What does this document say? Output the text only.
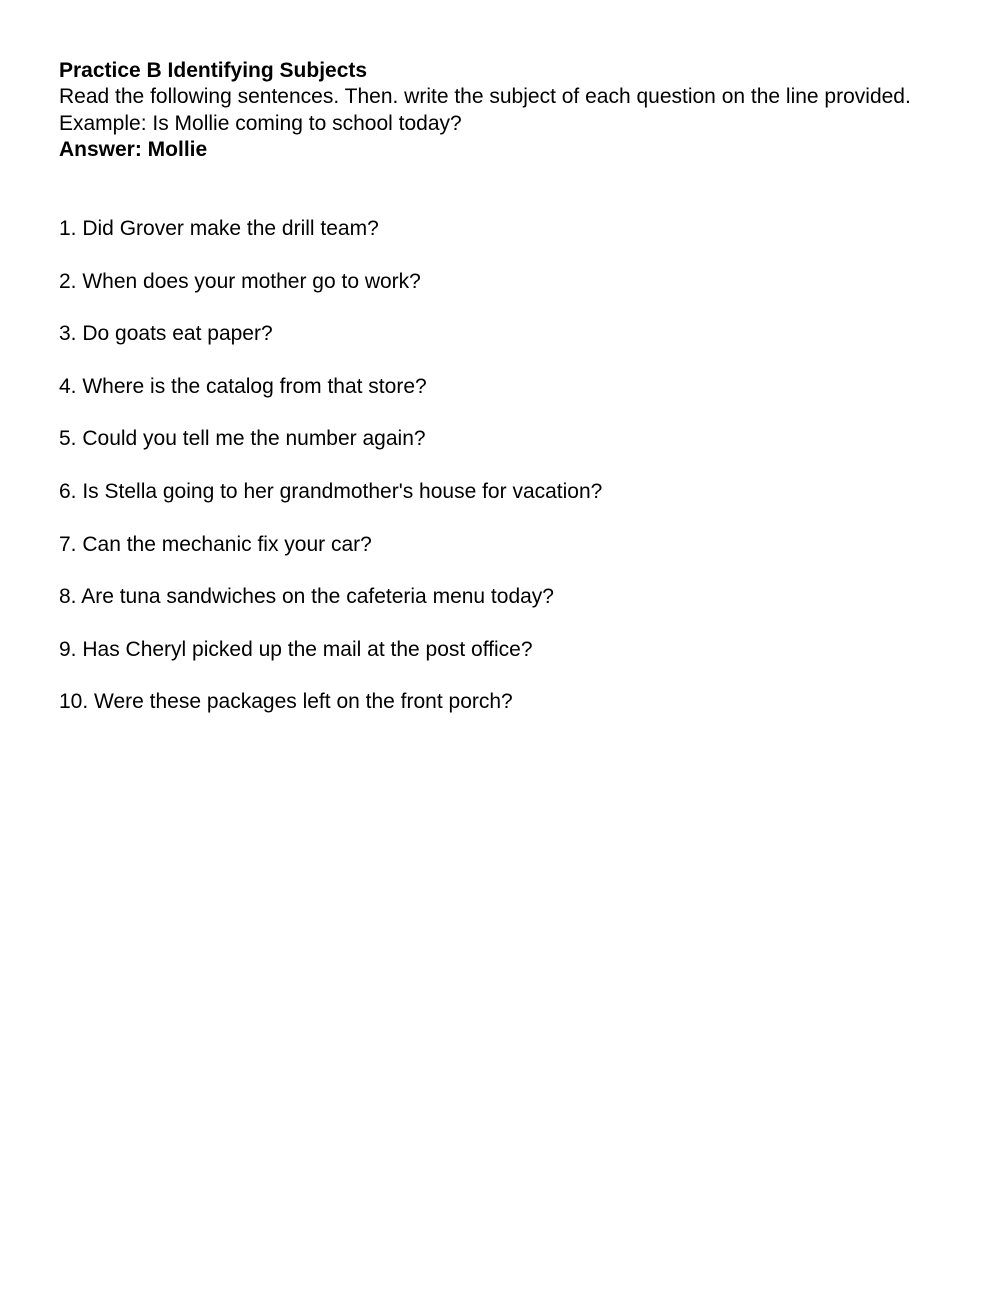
Practice B Identifying Subjects
Read the following sentences. Then. write the subject of each question on the line provided.
Example: Is Mollie coming to school today?
Answer: Mollie
1. Did Grover make the drill team?
2. When does your mother go to work?
3. Do goats eat paper?
4. Where is the catalog from that store?
5. Could you tell me the number again?
6. Is Stella going to her grandmother's house for vacation?
7. Can the mechanic fix your car?
8. Are tuna sandwiches on the cafeteria menu today?
9. Has Cheryl picked up the mail at the post office?
10. Were these packages left on the front porch?
